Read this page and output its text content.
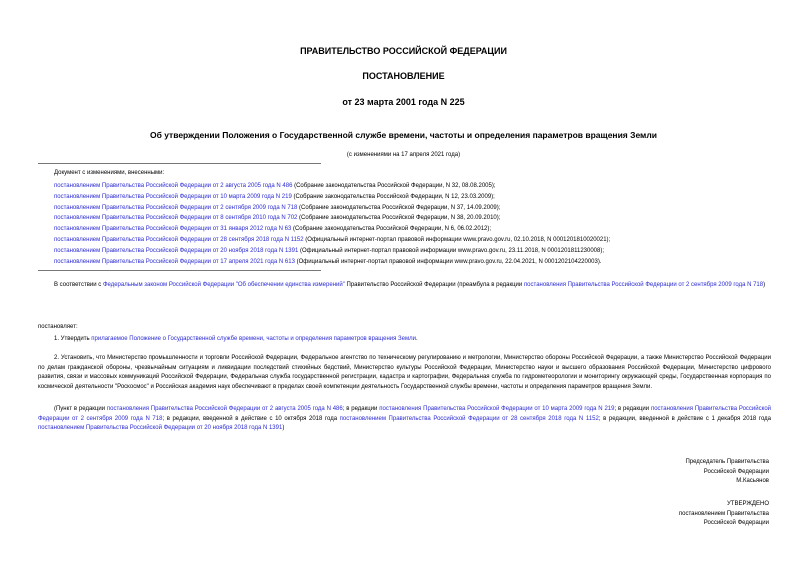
ПРАВИТЕЛЬСТВО РОССИЙСКОЙ ФЕДЕРАЦИИ

ПОСТАНОВЛЕНИЕ

от 23 марта 2001 года N 225

Об утверждении Положения о Государственной службе времени, частоты и определения параметров вращения Земли

(с изменениями на 17 апреля 2021 года)

Документ с изменениями, внесенными:

постановлением Правительства Российской Федерации от 2 августа 2005 года N 486 (Собрание законодательства Российской Федерации, N 32, 08.08.2005);
постановлением Правительства Российской Федерации от 10 марта 2009 года N 219 (Собрание законодательства Российской Федерации, N 12, 23.03.2009);
постановлением Правительства Российской Федерации от 2 сентября 2009 года N 718 (Собрание законодательства Российской Федерации, N 37, 14.09.2009);
постановлением Правительства Российской Федерации от 8 сентября 2010 года N 702 (Собрание законодательства Российской Федерации, N 38, 20.09.2010);
постановлением Правительства Российской Федерации от 31 января 2012 года N 63 (Собрание законодательства Российской Федерации, N 6, 06.02.2012);
постановлением Правительства Российской Федерации от 28 сентября 2018 года N 1152 (Официальный интернет-портал правовой информации www.pravo.gov.ru, 02.10.2018, N 0001201810020021);
постановлением Правительства Российской Федерации от 20 ноября 2018 года N 1391 (Официальный интернет-портал правовой информации www.pravo.gov.ru, 23.11.2018, N 0001201811230008);
постановлением Правительства Российской Федерации от 17 апреля 2021 года N 613 (Официальный интернет-портал правовой информации www.pravo.gov.ru, 22.04.2021, N 0001202104220003).

В соответствии с Федеральным законом Российской Федерации "Об обеспечении единства измерений" Правительство Российской Федерации (преамбула в редакции постановления Правительства Российской Федерации от 2 сентября 2009 года N 718)

постановляет:

1. Утвердить прилагаемое Положение о Государственной службе времени, частоты и определения параметров вращения Земли.

2. Установить, что Министерство промышленности и торговли Российской Федерации, Федеральное агентство по техническому регулированию и метрологии, Министерство обороны Российской Федерации, а также Министерство Российской Федерации по делам гражданской обороны, чрезвычайным ситуациям и ликвидации последствий стихийных бедствий, Министерство культуры Российской Федерации, Министерство науки и высшего образования Российской Федерации, Министерство цифрового развития, связи и массовых коммуникаций Российской Федерации, Федеральная служба государственной регистрации, кадастра и картографии, Федеральная служба по гидрометеорологии и мониторингу окружающей среды, Государственная корпорация по космической деятельности "Роскосмос" и Российская академия наук обеспечивают в пределах своей компетенции деятельность Государственной службы времени, частоты и определения параметров вращения Земли.

(Пункт в редакции постановления Правительства Российской Федерации от 2 августа 2005 года N 486; в редакции постановления Правительства Российской Федерации от 10 марта 2009 года N 219; в редакции постановления Правительства Российской Федерации от 2 сентября 2009 года N 718; в редакции, введенной в действие с 10 октября 2018 года постановлением Правительства Российской Федерации от 28 сентября 2018 года N 1152; в редакции, введенной в действие с 1 декабря 2018 года постановлением Правительства Российской Федерации от 20 ноября 2018 года N 1391)

Председатель Правительства
Российской Федерации
М.Касьянов
УТВЕРЖДЕНО
постановлением Правительства
Российской Федерации
